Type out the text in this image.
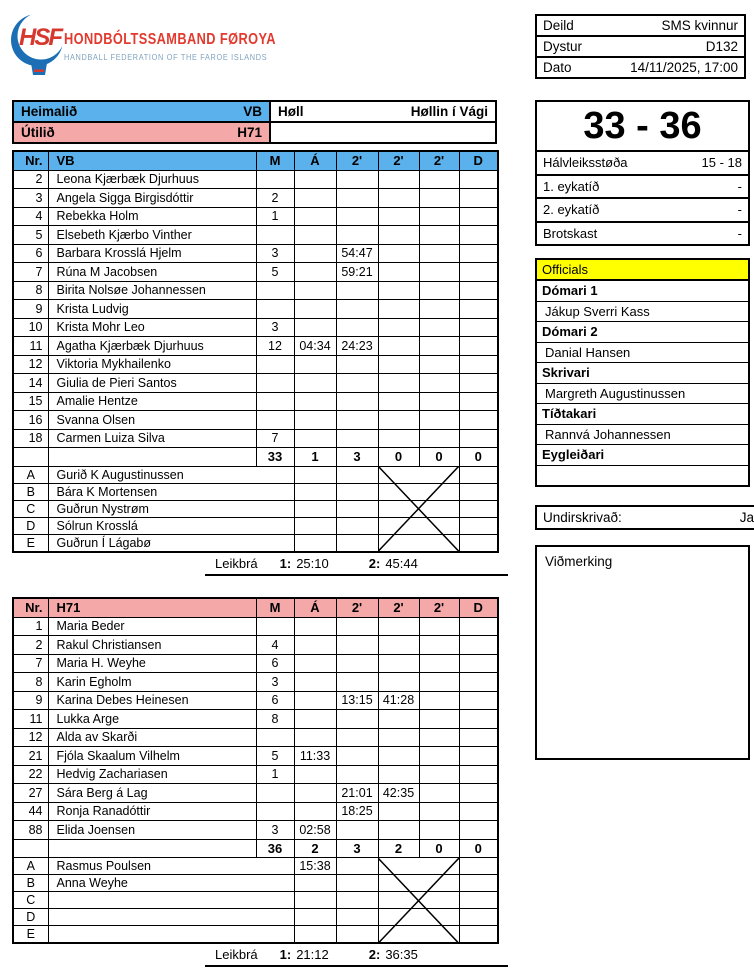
HSF HONDBÓLTSSAMBAND FØROYA
HANDBALL FEDERATION OF THE FAROE ISLANDS
Deild	SMS kvinnur
Dystur	D132
Dato	14/11/2025, 17:00
Heimalið VB	Høll Høllin í Vági

Útilið H71	

Nr.	VB	M	Á	2'	2'	2'	D
2	Leona Kjærbæk Djurhuus						
3	Angela Sigga Birgisdóttir	2					
4	Rebekka Holm	1					
5	Elsebeth Kjærbo Vinther						
6	Barbara Krosslá Hjelm	3		54:47			
7	Rúna M Jacobsen	5		59:21			
8	Birita Nolsøe Johannessen						
9	Krista Ludvig						
10	Krista Mohr Leo	3					
11	Agatha Kjærbæk Djurhuus	12	04:34	24:23			
12	Viktoria Mykhailenko						
14	Giulia de Pieri Santos						
15	Amalie Hentze						
16	Svanna Olsen						
18	Carmen Luiza Silva	7					
		33	1	3	0	0	0
A	Gurið K Augustinussen						
B	Bára K Mortensen						
C	Guðrun Nystrøm						
D	Sólrun Krosslá						
E	Guðrun Í Lágabø						
Leikbrá 1: 25:10	2: 45:44
Nr.	H71	M	Á	2'	2'	2'	D
1	Maria Beder						
2	Rakul Christiansen	4					
7	Maria H. Weyhe	6					
8	Karin Egholm	3					
9	Karina Debes Heinesen	6		13:15	41:28		
11	Lukka Arge	8					
12	Alda av Skarði						
21	Fjóla Skaalum Vilhelm	5	11:33				
22	Hedvig Zachariasen	1					
27	Sára Berg á Lag			21:01	42:35		
44	Ronja Ranadóttir			18:25			
88	Elida Joensen	3	02:58				
		36	2	3	2	0	0
A	Rasmus Poulsen		15:38				
B	Anna Weyhe						
C							
D							
E							
Leikbrá 1: 21:12	2: 36:35
33 - 36
Hálvleiksstøða	15 - 18
1. eykatíð	-
2. eykatíð	-
Brotskast	-
Officials
Dómari 1
Jákup Sverri Kass
Dómari 2
Danial Hansen
Skrivari
Margreth Augustinussen
Tíðtakari
Rannvá Johannessen
Eygleiðari
Undirskrivað:	Ja
Viðmerking
